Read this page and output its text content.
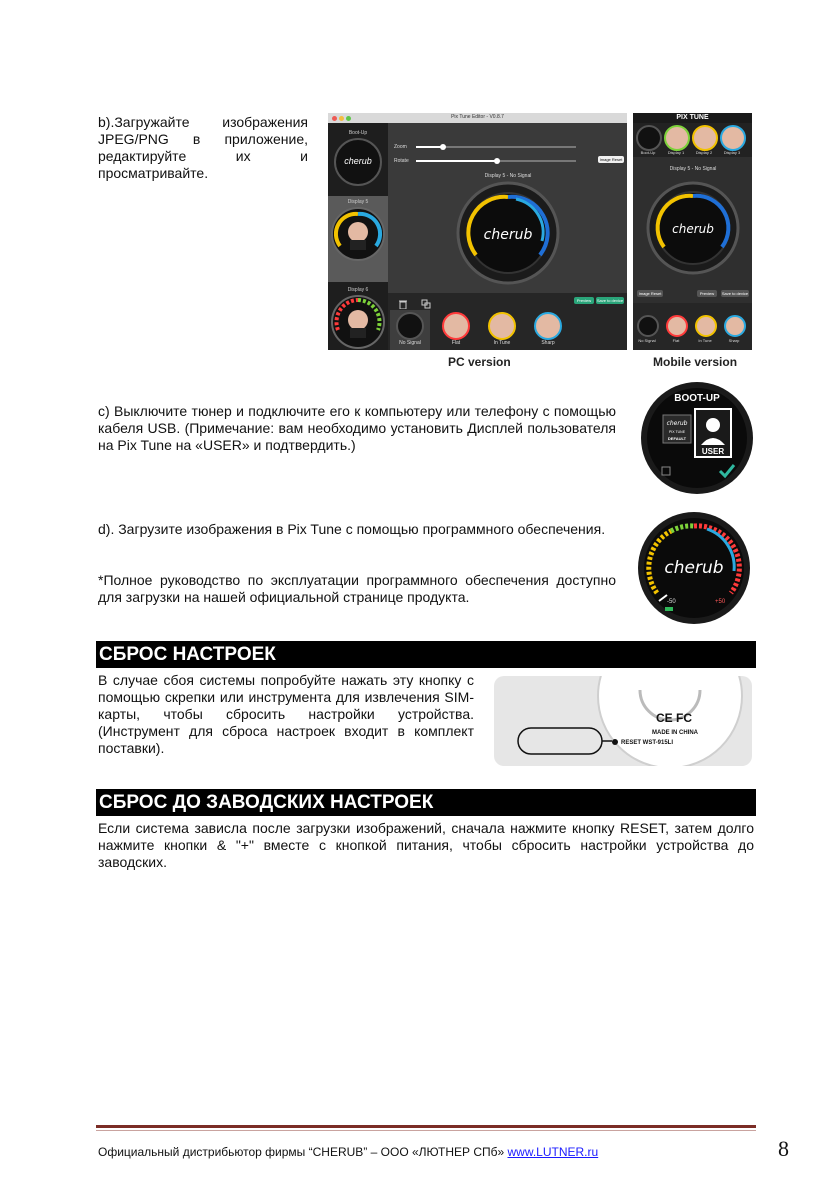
b).Загружайте изображения JPEG/PNG в приложение, редактируйте их и просматривайте.
Pix Tune Editor - V0.8.7
Boot-Up
cherub
Display 5
Display 6
Zoom
Rotate	Image Reset
Display 5 - No Signal
cherub
Preview	Save to device
No Signal	Flat	In Tune	Sharp
PC version
PIX TUNE
Boot-Up	Display 1	Display 2	Display 3
Display 5 - No Signal
cherub
Image Reset	Preview	Save to device
No Signal	Flat	In Tune	Sharp
Mobile version
c) Выключите тюнер и подключите его к компьютеру или телефону с помощью кабеля USB. (Примечание: вам необходимо установить Дисплей пользователя на Pix Tune на «USER» и подтвердить.)
BOOT-UP
cherub
PIX TUNE
DEFAULT
USER
d). Загрузите изображения в Pix Tune с помощью программного обеспечения.
*Полное руководство по эксплуатации программного обеспечения доступно для загрузки на нашей официальной странице продукта.
cherub
-50	+50
СБРОС НАСТРОЕК
В случае сбоя системы попробуйте нажать эту кнопку с помощью скрепки или инструмента для извлечения SIM-карты, чтобы сбросить настройки устройства. (Инструмент для сброса настроек входит в комплект поставки).
CE FC
MADE IN CHINA
RESET WST-915LI
СБРОС ДО ЗАВОДСКИХ НАСТРОЕК
Если система зависла после загрузки изображений, сначала нажмите кнопку RESET, затем долго нажмите кнопки & "+" вместе с кнопкой питания, чтобы сбросить настройки устройства до заводских.
Официальный дистрибьютор фирмы “CHERUB” – ООО «ЛЮТНЕР СПб» www.LUTNER.ru	8
